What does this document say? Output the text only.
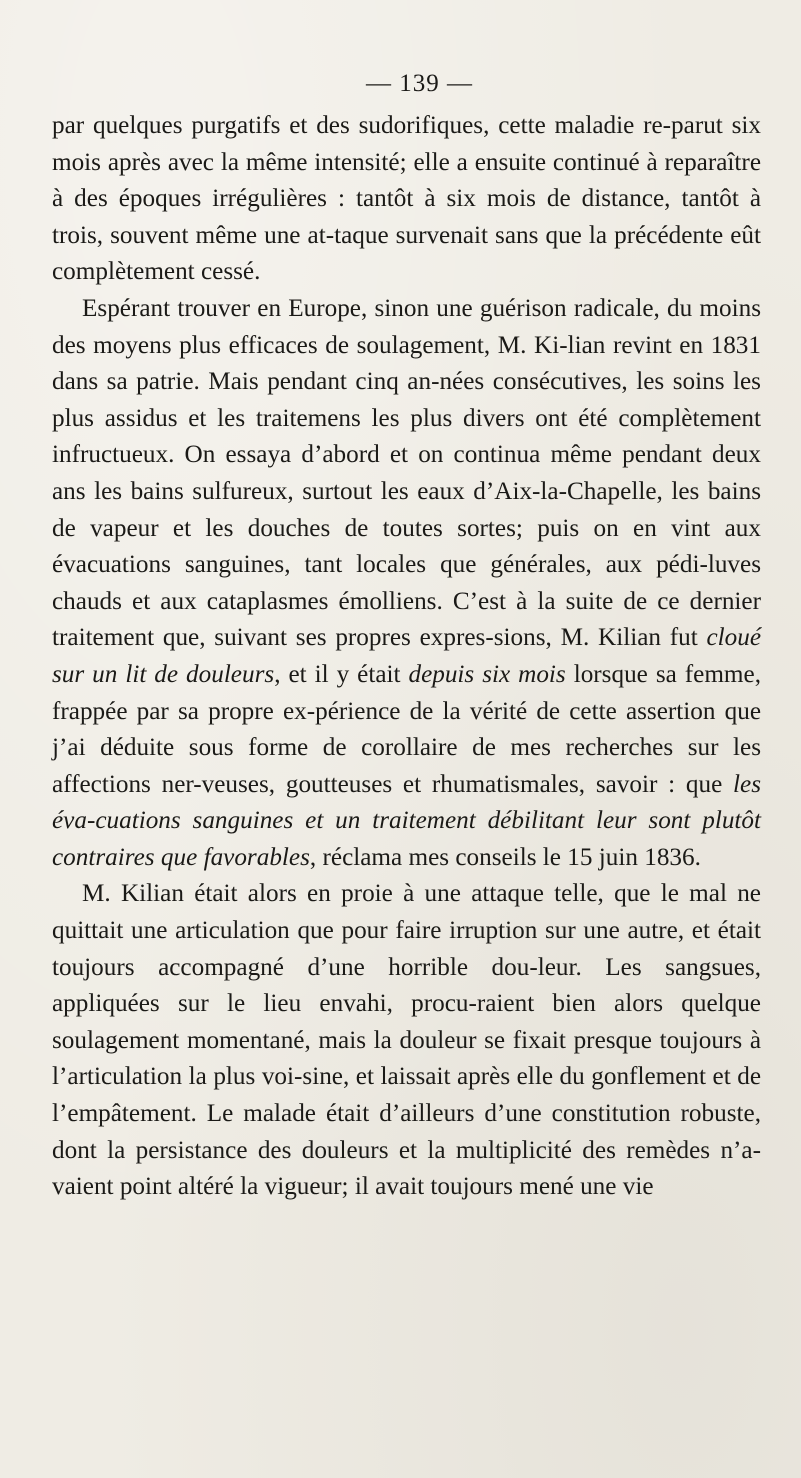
— 139 —

par quelques purgatifs et des sudorifiques, cette maladie re-parut six mois après avec la même intensité; elle a ensuite continué à reparaître à des époques irrégulières : tantôt à six mois de distance, tantôt à trois, souvent même une at-taque survenait sans que la précédente eût complètement cessé.

Espérant trouver en Europe, sinon une guérison radicale, du moins des moyens plus efficaces de soulagement, M. Ki-lian revint en 1831 dans sa patrie. Mais pendant cinq an-nées consécutives, les soins les plus assidus et les traitemens les plus divers ont été complètement infructueux. On essaya d’abord et on continua même pendant deux ans les bains sulfureux, surtout les eaux d’Aix-la-Chapelle, les bains de vapeur et les douches de toutes sortes; puis on en vint aux évacuations sanguines, tant locales que générales, aux pédi-luves chauds et aux cataplasmes émolliens. C’est à la suite de ce dernier traitement que, suivant ses propres expres-sions, M. Kilian fut cloué sur un lit de douleurs, et il y était depuis six mois lorsque sa femme, frappée par sa propre ex-périence de la vérité de cette assertion que j’ai déduite sous forme de corollaire de mes recherches sur les affections ner-veuses, goutteuses et rhumatismales, savoir : que les éva-cuations sanguines et un traitement débilitant leur sont plutôt contraires que favorables, réclama mes conseils le 15 juin 1836.

M. Kilian était alors en proie à une attaque telle, que le mal ne quittait une articulation que pour faire irruption sur une autre, et était toujours accompagné d’une horrible dou-leur. Les sangsues, appliquées sur le lieu envahi, procu-raient bien alors quelque soulagement momentané, mais la douleur se fixait presque toujours à l’articulation la plus voi-sine, et laissait après elle du gonflement et de l’empâtement. Le malade était d’ailleurs d’une constitution robuste, dont la persistance des douleurs et la multiplicité des remèdes n’a-vaient point altéré la vigueur; il avait toujours mené une vie
